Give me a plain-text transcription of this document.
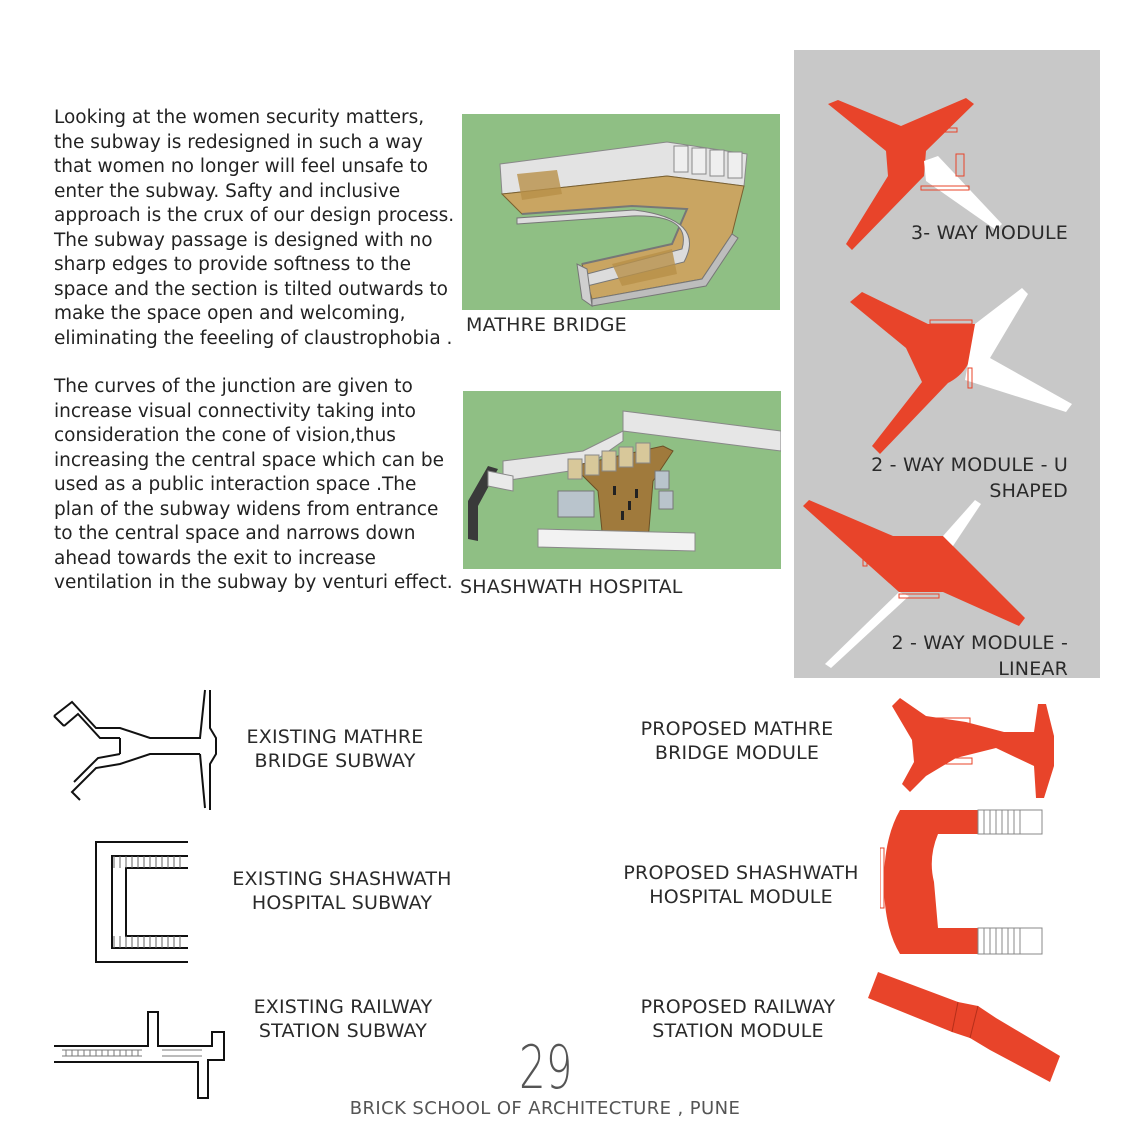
Looking at the women security matters, the subway is redesigned in such a way that women no longer will feel unsafe to enter the subway. Safty and inclusive approach is the crux of our design process.

The subway passage is designed with no sharp edges to provide softness to the space and the section is tilted outwards to make the space open and welcoming, eliminating the feeeling of claustrophobia .

The curves of the junction are given to increase visual connectivity taking into consideration the cone of vision,thus increasing the central space which can be used as a public interaction space .The plan of the subway widens from entrance to the central space and narrows down ahead towards the exit to increase ventilation in the subway by venturi effect.

MATHRE BRIDGE
SHASHWATH HOSPITAL
3- WAY MODULE
2 - WAY MODULE - U
SHAPED
2 - WAY MODULE -
LINEAR
EXISTING MATHRE
BRIDGE SUBWAY
EXISTING SHASHWATH
HOSPITAL SUBWAY
EXISTING RAILWAY
STATION SUBWAY
PROPOSED MATHRE
BRIDGE MODULE
PROPOSED SHASHWATH
HOSPITAL MODULE
PROPOSED RAILWAY
STATION MODULE
29
BRICK SCHOOL OF ARCHITECTURE , PUNE
